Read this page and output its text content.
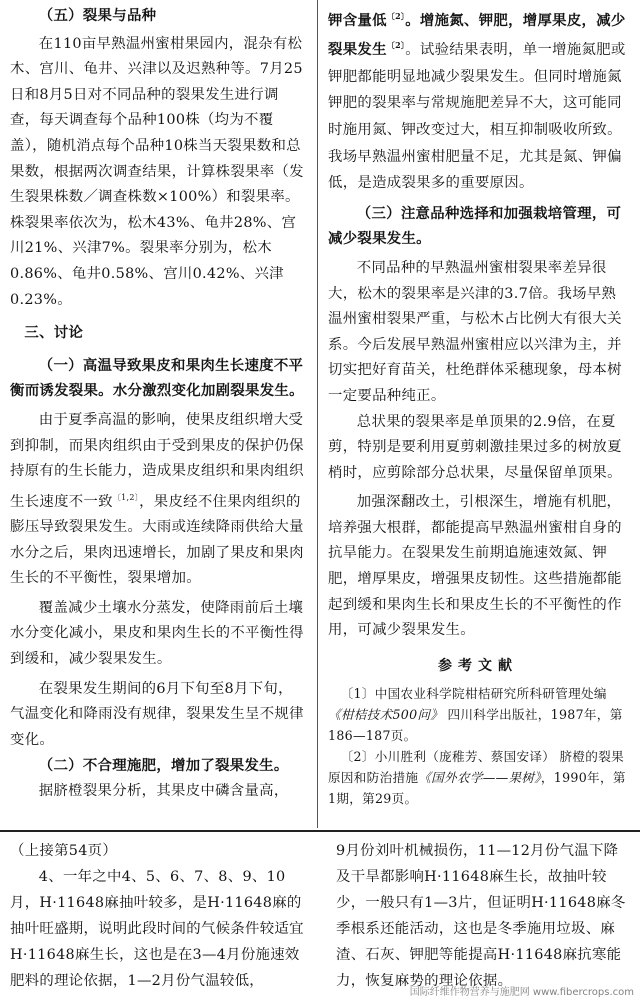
（五）裂果与品种

在110亩早熟温州蜜柑果园内，混杂有松木、宫川、龟井、兴津以及迟熟种等。7月25日和8月5日对不同品种的裂果发生进行调查，每天调查每个品种100株（均为不覆盖），随机消点每个品种10株当天裂果数和总果数，根据两次调查结果，计算株裂果率（发生裂果株数／调查株数×100%）和裂果率。株裂果率依次为，松木43%、龟井28%、宫川21%、兴津7%。裂果率分别为，松木0.86%、龟井0.58%、宫川0.42%、兴津0.23%。

三、讨论

（一）高温导致果皮和果肉生长速度不平衡而诱发裂果。水分激烈变化加剧裂果发生。

由于夏季高温的影响，使果皮组织增大受到抑制，而果肉组织由于受到果皮的保护仍保持原有的生长能力，造成果皮组织和果肉组织生长速度不一致$^{〔1,2〕}$，果皮经不住果肉组织的膨压导致裂果发生。大雨或连续降雨供给大量水分之后，果肉迅速增长，加剧了果皮和果肉生长的不平衡性，裂果增加。

覆盖减少土壤水分蒸发，使降雨前后土壤水分变化减小，果皮和果肉生长的不平衡性得到缓和，减少裂果发生。

在裂果发生期间的6月下旬至8月下旬，气温变化和降雨没有规律，裂果发生呈不规律变化。

（二）不合理施肥，增加了裂果发生。

据脐橙裂果分析，其果皮中磷含量高，

钾含量低$^{〔2〕}$。增施氮、钾肥，增厚果皮，减少裂果发生$^{〔2〕}$。试验结果表明，单一增施氮肥或钾肥都能明显地减少裂果发生。但同时增施氮钾肥的裂果率与常规施肥差异不大，这可能同时施用氮、钾改变过大，相互抑制吸收所致。我场早熟温州蜜柑肥量不足，尤其是氮、钾偏低，是造成裂果多的重要原因。

（三）注意品种选择和加强栽培管理，可减少裂果发生。

不同品种的早熟温州蜜柑裂果率差异很大，松木的裂果率是兴津的3.7倍。我场早熟温州蜜柑裂果严重，与松木占比例大有很大关系。今后发展早熟温州蜜柑应以兴津为主，并切实把好育苗关，杜绝群体采穗现象，母本树一定要品种纯正。

总状果的裂果率是单顶果的2.9倍，在夏剪，特别是要利用夏剪刺激挂果过多的树放夏梢时，应剪除部分总状果，尽量保留单顶果。

加强深翻改土，引根深生，增施有机肥，培养强大根群，都能提高早熟温州蜜柑自身的抗旱能力。在裂果发生前期追施速效氮、钾肥，增厚果皮，增强果皮韧性。这些措施都能起到缓和果肉生长和果皮生长的不平衡性的作用，可减少裂果发生。

参考文献

〔1〕中国农业科学院柑桔研究所科研管理处编《柑桔技术500问》 四川科学出版社，1987年，第186—187页。

〔2〕小川胜利（庞稚芳、蔡国安译） 脐橙的裂果原因和防治措施《国外农学——果树》，1990年，第1期，第29页。

（上接第54页）

4、一年之中4、5、6、7、8、9、10月，H·11648麻抽叶较多，是H·11648麻的抽叶旺盛期，说明此段时间的气候条件较适宜H·11648麻生长，这也是在3—4月份施速效肥料的理论依据，1—2月份气温较低，

9月份刘叶机械损伤，11—12月份气温下降及干旱都影响H·11648麻生长，故抽叶较少，一般只有1—3片，但证明H·11648麻冬季根系还能活动，这也是冬季施用垃圾、麻渣、石灰、钾肥等能提高H·11648麻抗寒能力，恢复麻势的理论依据。

国际纤维作物营养与施肥网 www.fibercrops.com
